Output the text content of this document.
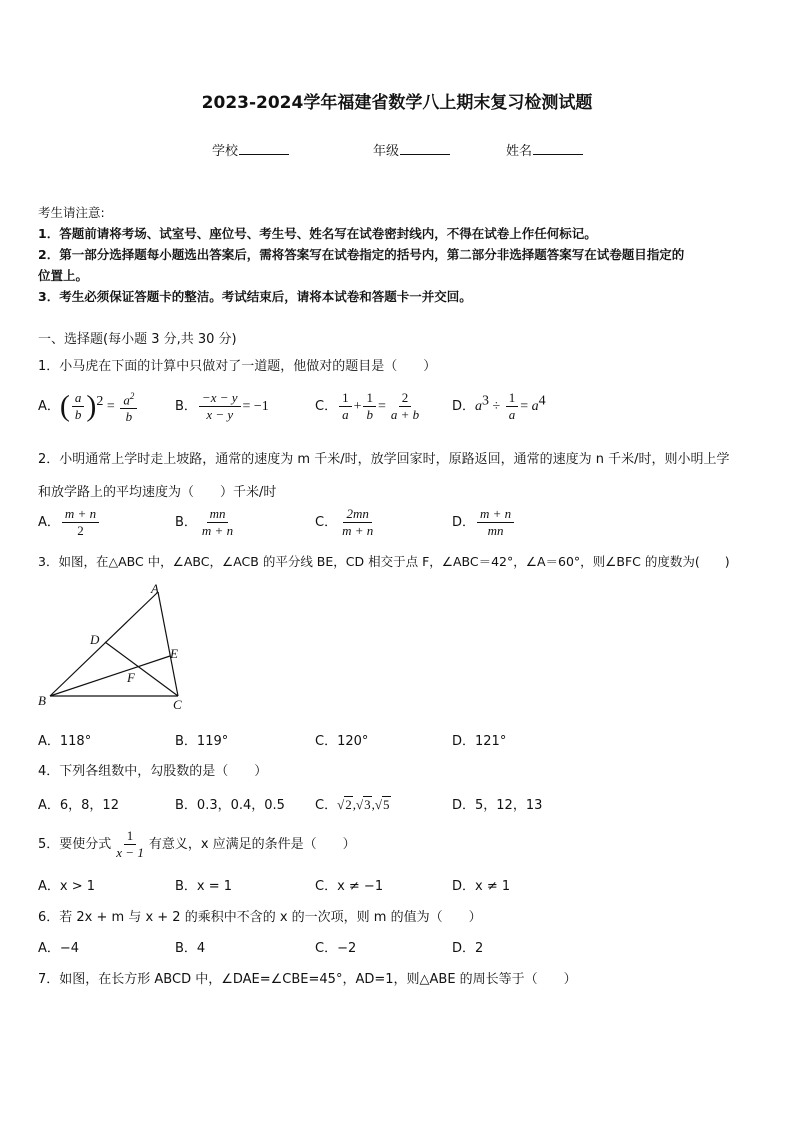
2023-2024学年福建省数学八上期末复习检测试题
学校	年级	姓名
考生请注意:
1．答题前请将考场、试室号、座位号、考生号、姓名写在试卷密封线内，不得在试卷上作任何标记。
2．第一部分选择题每小题选出答案后，需将答案写在试卷指定的括号内，第二部分非选择题答案写在试卷题目指定的
位置上。
3．考生必须保证答题卡的整洁。考试结束后，请将本试卷和答题卡一并交回。
一、选择题(每小题 3 分,共 30 分)
1．小马虎在下面的计算中只做对了一道题，他做对的题目是（　　）
A．( $\frac{a}{b} )^2 = \frac{a^2}{b}$	B． $\frac{-x - y}{x - y} = -1$	C． $\frac{1}{a} + \frac{1}{b} = \frac{2}{a + b}$ D．$a^3 \div \frac{1}{a} = a^4$
2．小明通常上学时走上坡路，通常的速度为 m 千米/时，放学回家时，原路返回，通常的速度为 n 千米/时，则小明上学
和放学路上的平均速度为（　　）千米/时
A． $\frac{m + n}{2}$	B． $\frac{mn}{m + n}$	C． $\frac{2mn}{m + n}$	D． $\frac{m + n}{mn}$
3．如图，在△ABC 中，∠ABC，∠ACB 的平分线 BE，CD 相交于点 F，∠ABC＝42°，∠A＝60°，则∠BFC 的度数为(　　)
A
B	C
D
E
F
A．118°	B．119°	C．120°	D．121°
4．下列各组数中，勾股数的是（　　）
A．6，8，12	B．0.3，0.4，0.5 C．√2,√3,√5	D．5，12，13
5．要使分式 $\frac{1}{x - 1}$ 有意义，x 应满足的条件是（　　）
A．x > 1	B．x = 1	C．x ≠ −1	D．x ≠ 1
6．若 2x + m 与 x + 2 的乘积中不含的 x 的一次项，则 m 的值为（　　）
A．−4	B．4	C．−2	D．2
7．如图，在长方形 ABCD 中，∠DAE=∠CBE=45°，AD=1，则△ABE 的周长等于（　　）
